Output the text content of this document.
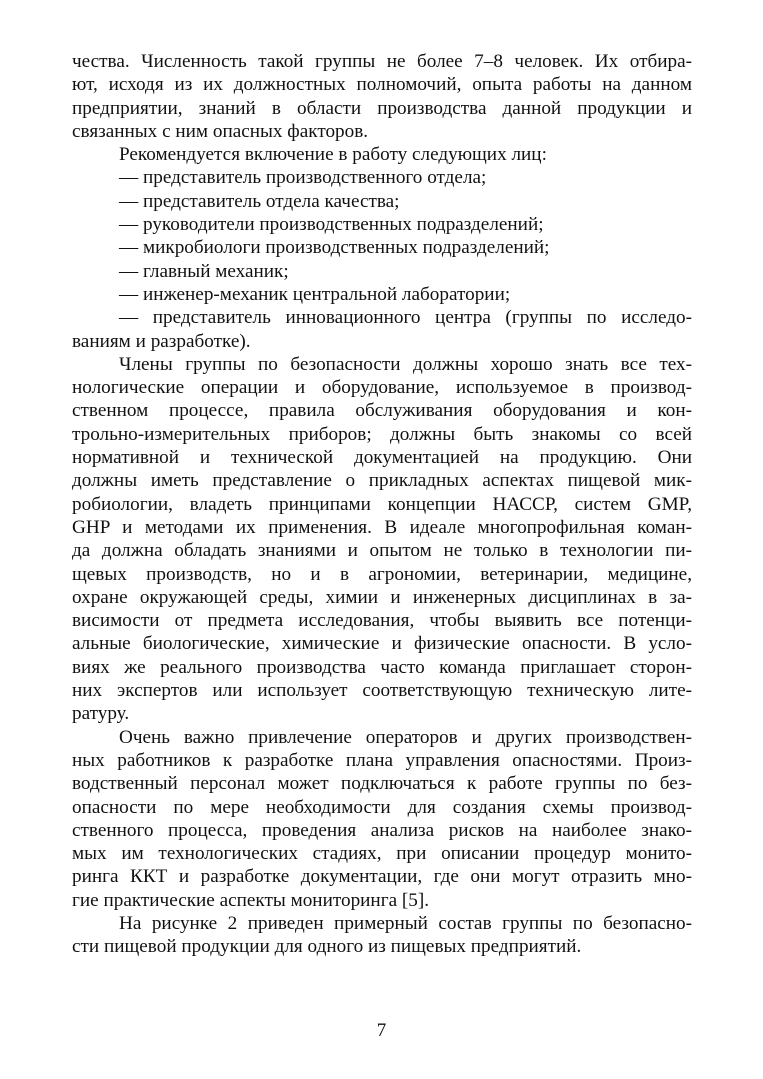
чества. Численность такой группы не более 7–8 человек. Их отбира-
ют, исходя из их должностных полномочий, опыта работы на данном
предприятии, знаний в области производства данной продукции и
связанных с ним опасных факторов.
Рекомендуется включение в работу следующих лиц:
— представитель производственного отдела;
— представитель отдела качества;
— руководители производственных подразделений;
— микробиологи производственных подразделений;
— главный механик;
— инженер-механик центральной лаборатории;
— представитель инновационного центра (группы по исследо-
ваниям и разработке).
Члены группы по безопасности должны хорошо знать все тех-
нологические операции и оборудование, используемое в производ-
ственном процессе, правила обслуживания оборудования и кон-
трольно-измерительных приборов; должны быть знакомы со всей
нормативной и технической документацией на продукцию. Они
должны иметь представление о прикладных аспектах пищевой мик-
робиологии, владеть принципами концепции НАССР, систем GMP,
GHP и методами их применения. В идеале многопрофильная коман-
да должна обладать знаниями и опытом не только в технологии пи-
щевых производств, но и в агрономии, ветеринарии, медицине,
охране окружающей среды, химии и инженерных дисциплинах в за-
висимости от предмета исследования, чтобы выявить все потенци-
альные биологические, химические и физические опасности. В усло-
виях же реального производства часто команда приглашает сторон-
них экспертов или использует соответствующую техническую лите-
ратуру.
Очень важно привлечение операторов и других производствен-
ных работников к разработке плана управления опасностями. Произ-
водственный персонал может подключаться к работе группы по без-
опасности по мере необходимости для создания схемы производ-
ственного процесса, проведения анализа рисков на наиболее знако-
мых им технологических стадиях, при описании процедур монито-
ринга ККТ и разработке документации, где они могут отразить мно-
гие практические аспекты мониторинга [5].
На рисунке 2 приведен примерный состав группы по безопасно-
сти пищевой продукции для одного из пищевых предприятий.
7
